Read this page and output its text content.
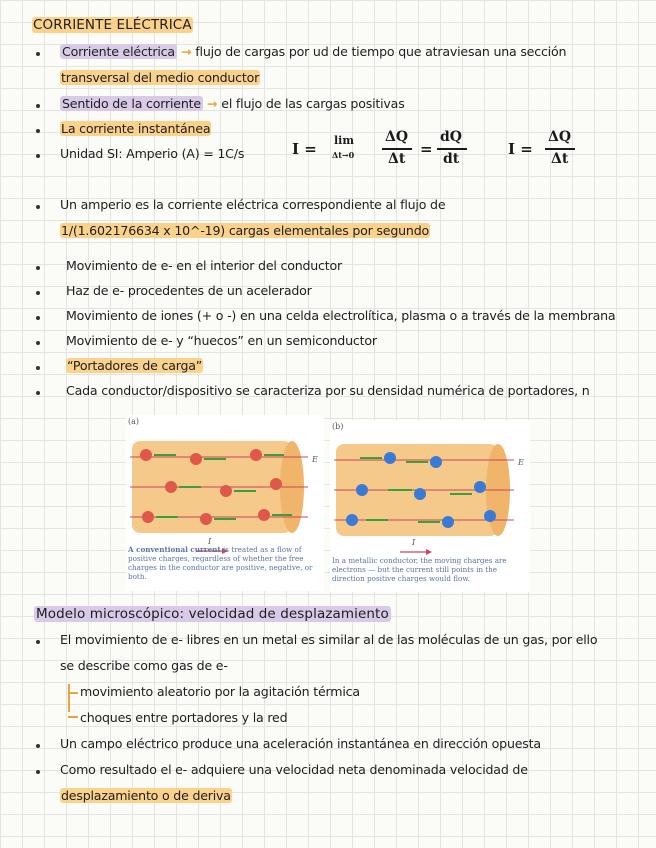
CORRIENTE ELÉCTRICA
Corriente eléctrica → flujo de cargas por ud de tiempo que atraviesan una sección
transversal del medio conductor
Sentido de la corriente → el flujo de las cargas positivas
La corriente instantánea
Unidad SI: Amperio (A) = 1C/s	I = lim
Δt→0
ΔQ
Δt
=
dQ
dt
I =
ΔQ
Δt
Un amperio es la corriente eléctrica correspondiente al flujo de
1/(1.602176634 x 10^-19) cargas elementales por segundo
Movimiento de e- en el interior del conductor
Haz de e- procedentes de un acelerador
Movimiento de iones (+ o -) en una celda electrolítica, plasma o a través de la membrana
Movimiento de e- y “huecos” en un semiconductor
“Portadores de carga”
Cada conductor/dispositivo se caracteriza por su densidad numérica de portadores, n
(a)
E
I
A conventional current is treated as a flow of positive charges, regardless of whether the free charges in the conductor are positive, negative, or both.
(b)
E
I
In a metallic conductor, the moving charges are electrons — but the current still points in the direction positive charges would flow.
Modelo microscópico: velocidad de desplazamiento
El movimiento de e- libres en un metal es similar al de las moléculas de un gas, por ello
se describe como gas de e-
movimiento aleatorio por la agitación térmica
choques entre portadores y la red
Un campo eléctrico produce una aceleración instantánea en dirección opuesta
Como resultado el e- adquiere una velocidad neta denominada velocidad de
desplazamiento o de deriva
